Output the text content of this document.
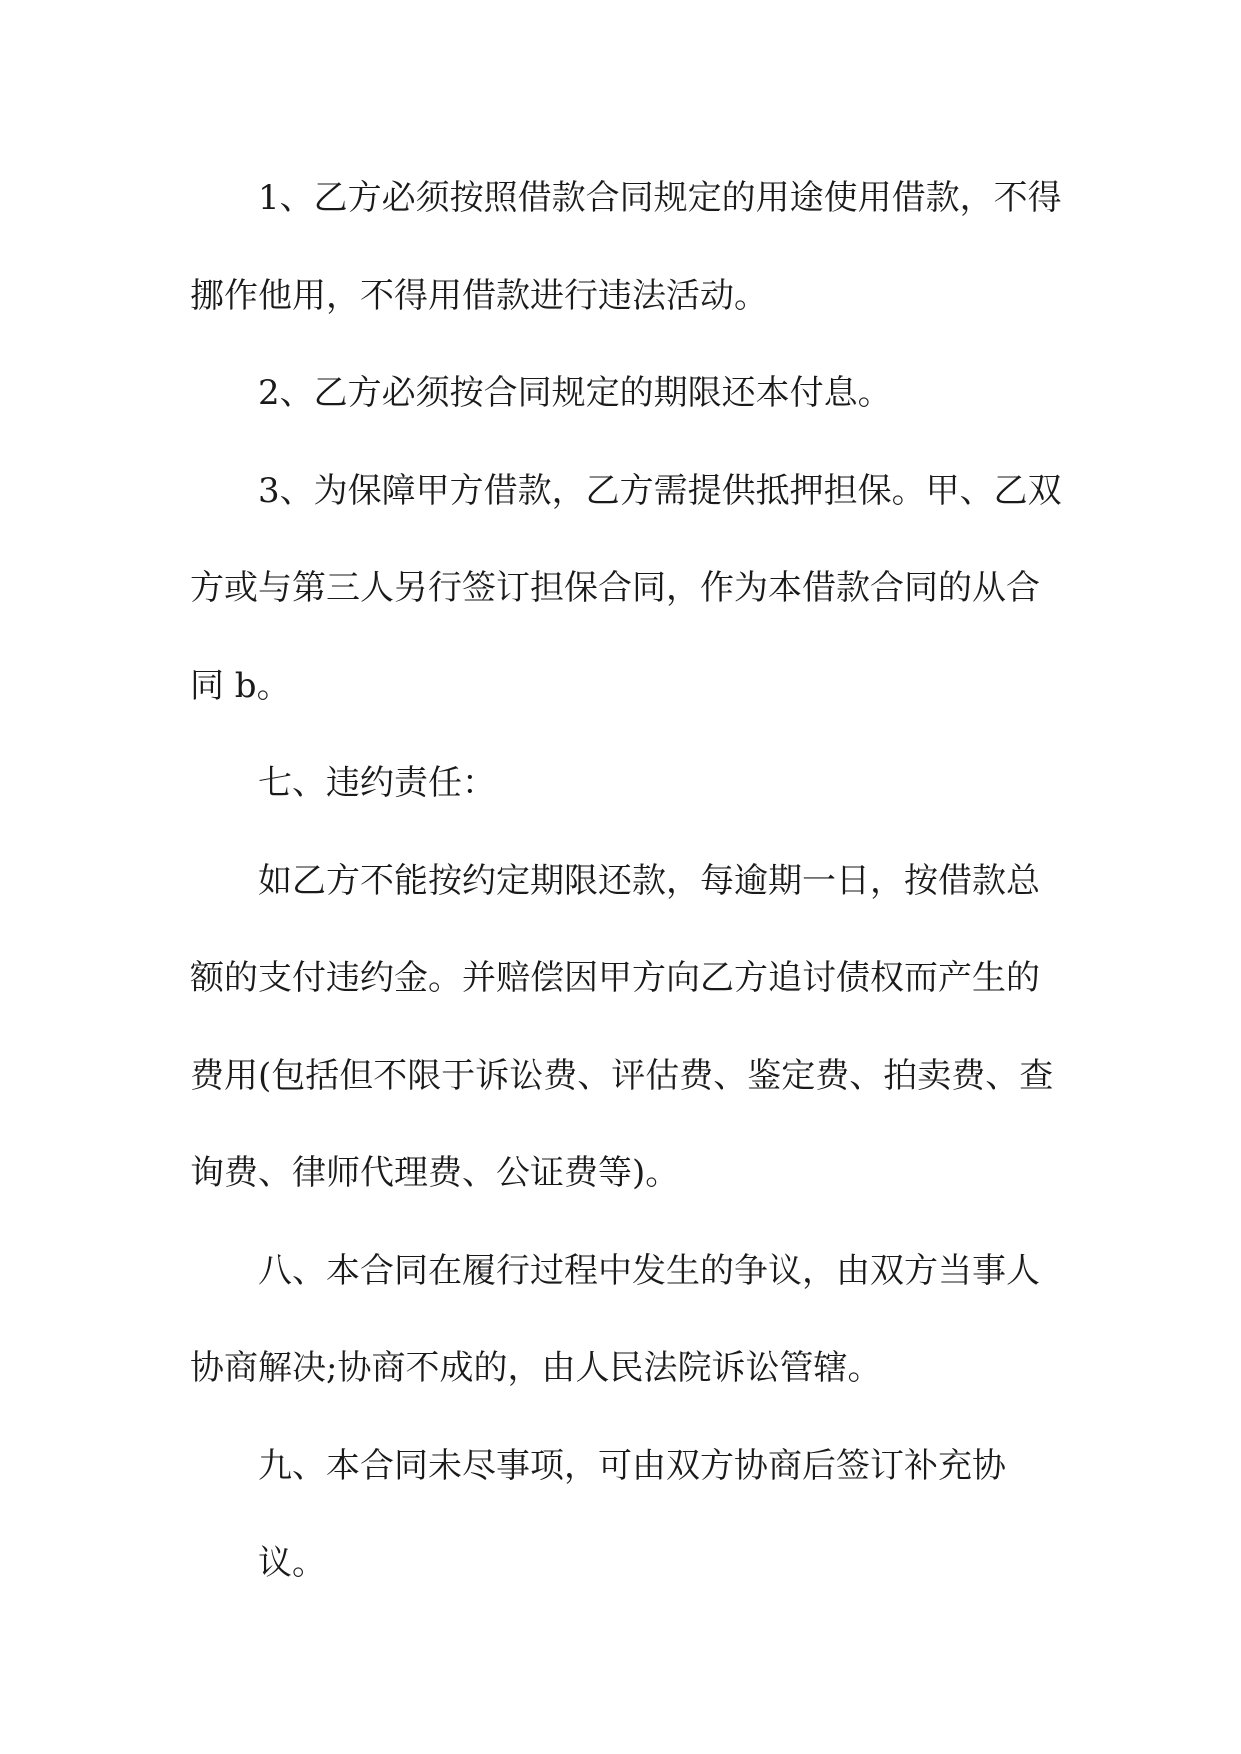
1、乙方必须按照借款合同规定的用途使用借款，不得
挪作他用，不得用借款进行违法活动。

2、乙方必须按合同规定的期限还本付息。

3、为保障甲方借款，乙方需提供抵押担保。甲、乙双
方或与第三人另行签订担保合同，作为本借款合同的从合
同 b。

七、违约责任：

如乙方不能按约定期限还款，每逾期一日，按借款总
额的支付违约金。并赔偿因甲方向乙方追讨债权而产生的
费用(包括但不限于诉讼费、评估费、鉴定费、拍卖费、查
询费、律师代理费、公证费等)。

八、本合同在履行过程中发生的争议，由双方当事人
协商解决;协商不成的，由人民法院诉讼管辖。

九、本合同未尽事项，可由双方协商后签订补充协
议。
